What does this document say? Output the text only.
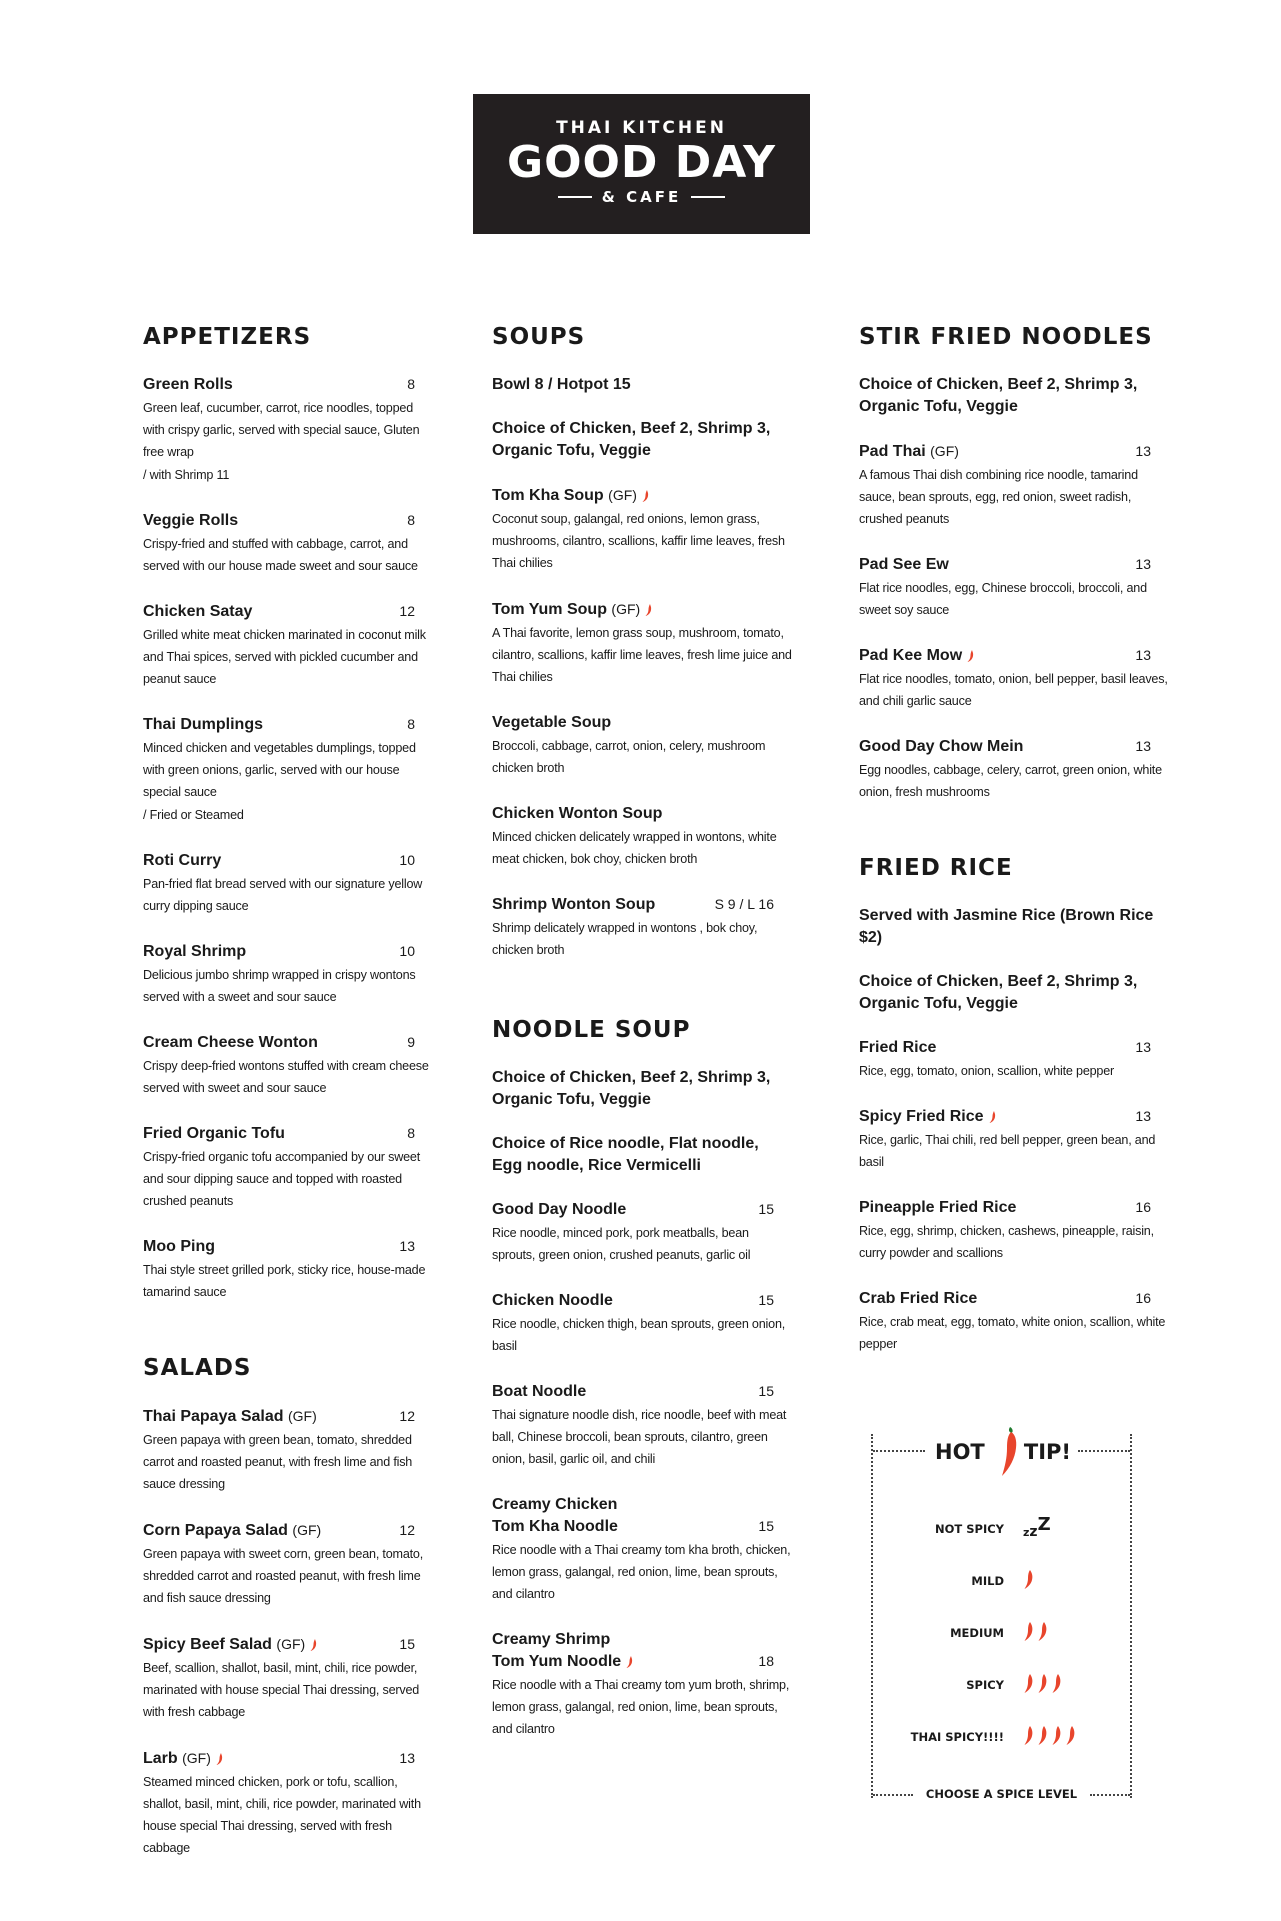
THAI KITCHEN
GOOD DAY
& CAFE
APPETIZERS
Green Rolls	8
Green leaf, cucumber, carrot, rice noodles, topped with crispy garlic, served with special sauce, Gluten free wrap
/ with Shrimp 11
Veggie Rolls	8
Crispy-fried and stuffed with cabbage, carrot, and served with our house made sweet and sour sauce
Chicken Satay	12
Grilled white meat chicken marinated in coconut milk and Thai spices, served with pickled cucumber and peanut sauce
Thai Dumplings	8
Minced chicken and vegetables dumplings, topped with green onions, garlic, served with our house special sauce
/ Fried or Steamed
Roti Curry	10
Pan-fried flat bread served with our signature yellow curry dipping sauce
Royal Shrimp	10
Delicious jumbo shrimp wrapped in crispy wontons served with a sweet and sour sauce
Cream Cheese Wonton	9
Crispy deep-fried wontons stuffed with cream cheese served with sweet and sour sauce
Fried Organic Tofu	8
Crispy-fried organic tofu accompanied by our sweet and sour dipping sauce and topped with roasted crushed peanuts
Moo Ping	13
Thai style street grilled pork, sticky rice, house-made tamarind sauce
SALADS
Thai Papaya Salad (GF)	12
Green papaya with green bean, tomato, shredded carrot and roasted peanut, with fresh lime and fish sauce dressing
Corn Papaya Salad (GF)	12
Green papaya with sweet corn, green bean, tomato, shredded carrot and roasted peanut, with fresh lime and fish sauce dressing
Spicy Beef Salad (GF)	15
Beef, scallion, shallot, basil, mint, chili, rice powder, marinated with house special Thai dressing, served with fresh cabbage
Larb (GF)	13
Steamed minced chicken, pork or tofu, scallion, shallot, basil, mint, chili, rice powder, marinated with house special Thai dressing, served with fresh cabbage
SOUPS
Bowl 8 / Hotpot 15
Choice of Chicken, Beef 2, Shrimp 3, Organic Tofu, Veggie
Tom Kha Soup (GF)
Coconut soup, galangal, red onions, lemon grass, mushrooms, cilantro, scallions, kaffir lime leaves, fresh Thai chilies
Tom Yum Soup (GF)
A Thai favorite, lemon grass soup, mushroom, tomato, cilantro, scallions, kaffir lime leaves, fresh lime juice and Thai chilies
Vegetable Soup
Broccoli, cabbage, carrot, onion, celery, mushroom chicken broth
Chicken Wonton Soup
Minced chicken delicately wrapped in wontons, white meat chicken, bok choy, chicken broth
Shrimp Wonton Soup	S 9 / L 16
Shrimp delicately wrapped in wontons , bok choy, chicken broth
NOODLE SOUP
Choice of Chicken, Beef 2, Shrimp 3, Organic Tofu, Veggie
Choice of Rice noodle, Flat noodle, Egg noodle, Rice Vermicelli
Good Day Noodle	15
Rice noodle, minced pork, pork meatballs, bean sprouts, green onion, crushed peanuts, garlic oil
Chicken Noodle	15
Rice noodle, chicken thigh, bean sprouts, green onion, basil
Boat Noodle	15
Thai signature noodle dish, rice noodle, beef with meat ball, Chinese broccoli, bean sprouts, cilantro, green onion, basil, garlic oil, and chili
Creamy Chicken
Tom Kha Noodle	15
Rice noodle with a Thai creamy tom kha broth, chicken, lemon grass, galangal, red onion, lime, bean sprouts, and cilantro
Creamy Shrimp
Tom Yum Noodle	18
Rice noodle with a Thai creamy tom yum broth, shrimp, lemon grass, galangal, red onion, lime, bean sprouts, and cilantro
STIR FRIED NOODLES
Choice of Chicken, Beef 2, Shrimp 3, Organic Tofu, Veggie
Pad Thai (GF)	13
A famous Thai dish combining rice noodle, tamarind sauce, bean sprouts, egg, red onion, sweet radish, crushed peanuts
Pad See Ew	13
Flat rice noodles, egg, Chinese broccoli, broccoli, and sweet soy sauce
Pad Kee Mow	13
Flat rice noodles, tomato, onion, bell pepper, basil leaves, and chili garlic sauce
Good Day Chow Mein	13
Egg noodles, cabbage, celery, carrot, green onion, white onion, fresh mushrooms
FRIED RICE
Served with Jasmine Rice (Brown Rice $2)
Choice of Chicken, Beef 2, Shrimp 3, Organic Tofu, Veggie
Fried Rice	13
Rice, egg, tomato, onion, scallion, white pepper
Spicy Fried Rice	13
Rice, garlic, Thai chili, red bell pepper, green bean, and basil
Pineapple Fried Rice	16
Rice, egg, shrimp, chicken, cashews, pineapple, raisin, curry powder and scallions
Crab Fried Rice	16
Rice, crab meat, egg, tomato, white onion, scallion, white pepper
HOT TIP!
NOT SPICY zzZ
MILD
MEDIUM
SPICY
THAI SPICY!!!!
CHOOSE A SPICE LEVEL
